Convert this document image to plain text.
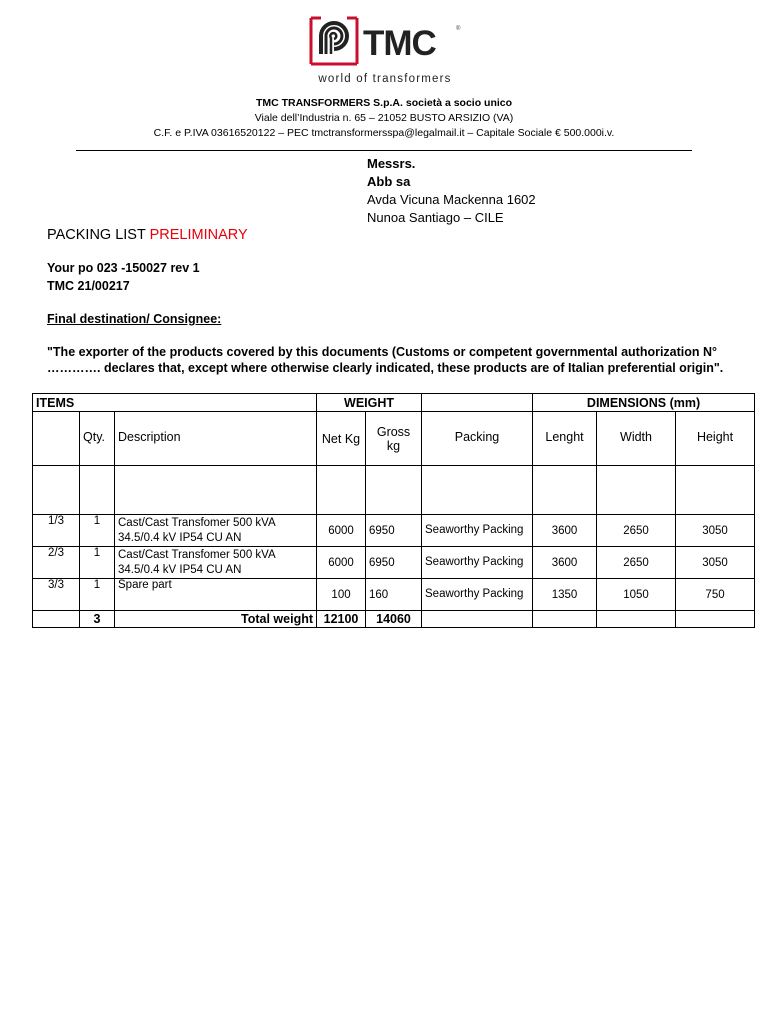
TMC	®
world of transformers
TMC TRANSFORMERS S.p.A. società a socio unico
Viale dell’Industria n. 65 – 21052 BUSTO ARSIZIO (VA)
C.F. e P.IVA 03616520122 – PEC tmctransformersspa@legalmail.it – Capitale Sociale € 500.000i.v.
Messrs.
Abb sa
Avda Vicuna Mackenna 1602
Nunoa Santiago – CILE
PACKING LIST PRELIMINARY
Your po 023 -150027 rev 1
TMC 21/00217
Final destination/ Consignee:
"The exporter of the products covered by this documents (Customs or competent governmental authorization N° …………. declares that, except where otherwise clearly indicated, these products are of Italian preferential origin".
ITEMS			WEIGHT			DIMENSIONS (mm)		
	Qty.	Description	Net Kg	Gross kg	Packing	Lenght	Width	Height

1/3	1	Cast/Cast Transfomer 500 kVA 34.5/0.4 kV IP54 CU AN	6000	6950	Seaworthy Packing	3600	2650	3050
2/3	1	Cast/Cast Transfomer 500 kVA 34.5/0.4 kV IP54 CU AN	6000	6950	Seaworthy Packing	3600	2650	3050
3/3	1	Spare part	100	160	Seaworthy Packing	1350	1050	750
	3	Total weight	12100	14060				
